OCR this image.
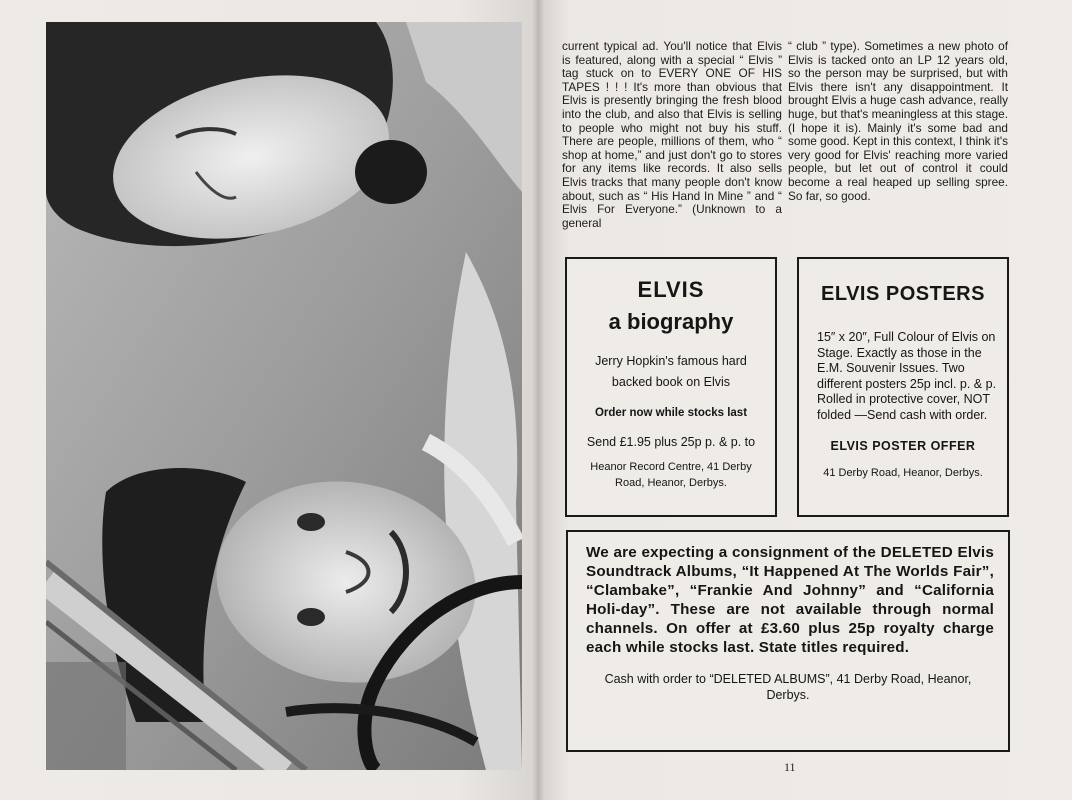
current typical ad. You'll notice that Elvis is featured, along with a special “ Elvis ” tag stuck on to EVERY ONE OF HIS TAPES ! ! ! It's more than obvious that Elvis is presently bringing the fresh blood into the club, and also that Elvis is selling to people who might not buy his stuff. There are people, millions of them, who “ shop at home,” and just don't go to stores for any items like records. It also sells Elvis tracks that many people don't know about, such as “ His Hand In Mine ” and “ Elvis For Everyone.” (Unknown to a general
“ club ” type). Sometimes a new photo of Elvis is tacked onto an LP 12 years old, so the person may be surprised, but with Elvis there isn't any disappointment. It brought Elvis a huge cash advance, really huge, but that's meaningless at this stage. (I hope it is). Mainly it's some bad and some good. Kept in this context, I think it's very good for Elvis' reaching more varied people, but let out of control it could become a real heaped up selling spree. So far, so good.
ELVIS
a biography
Jerry Hopkin's famous hard backed book on Elvis
Order now while stocks last
Send £1.95 plus 25p p. & p. to
Heanor Record Centre, 41 Derby Road, Heanor, Derbys.
ELVIS POSTERS
15″ x 20″, Full Colour of Elvis on Stage. Exactly as those in the E.M. Souvenir Issues. Two different posters 25p incl. p. & p. Rolled in protective cover, NOT folded —Send cash with order.
ELVIS POSTER OFFER
41 Derby Road, Heanor, Derbys.
We are expecting a consignment of the DELETED Elvis Soundtrack Albums, “It Happened At The Worlds Fair”, “Clambake”, “Frankie And Johnny” and “California Holi-day”. These are not available through normal channels. On offer at £3.60 plus 25p royalty charge each while stocks last. State titles required.
Cash with order to “DELETED ALBUMS”, 41 Derby Road, Heanor, Derbys.
11
